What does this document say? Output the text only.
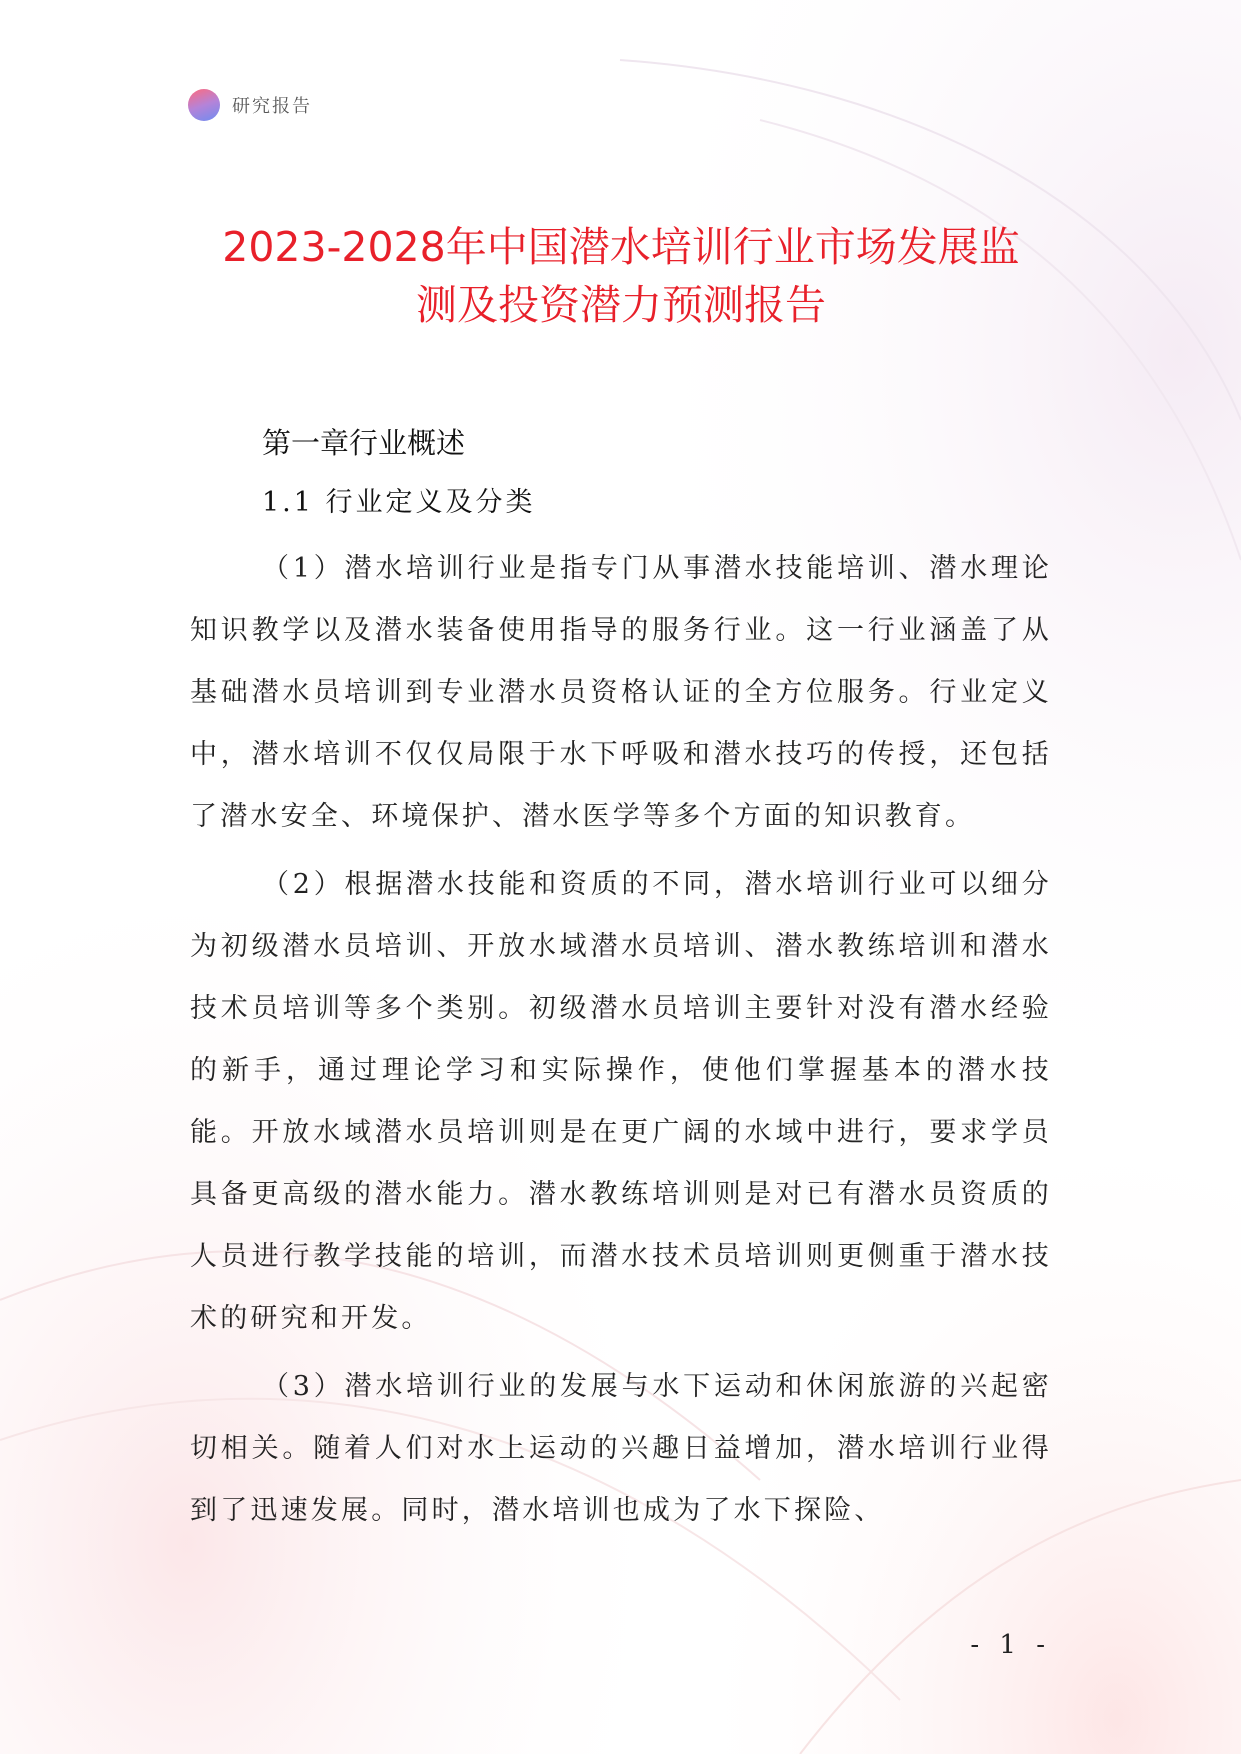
研究报告
2023-2028年中国潜水培训行业市场发展监
测及投资潜力预测报告
第一章行业概述
1.1 行业定义及分类

（1）潜水培训行业是指专门从事潜水技能培训、潜水理论知识教学以及潜水装备使用指导的服务行业。这一行业涵盖了从基础潜水员培训到专业潜水员资格认证的全方位服务。行业定义中，潜水培训不仅仅局限于水下呼吸和潜水技巧的传授，还包括了潜水安全、环境保护、潜水医学等多个方面的知识教育。

（2）根据潜水技能和资质的不同，潜水培训行业可以细分为初级潜水员培训、开放水域潜水员培训、潜水教练培训和潜水技术员培训等多个类别。初级潜水员培训主要针对没有潜水经验的新手，通过理论学习和实际操作，使他们掌握基本的潜水技能。开放水域潜水员培训则是在更广阔的水域中进行，要求学员具备更高级的潜水能力。潜水教练培训则是对已有潜水员资质的人员进行教学技能的培训，而潜水技术员培训则更侧重于潜水技术的研究和开发。

（3）潜水培训行业的发展与水下运动和休闲旅游的兴起密切相关。随着人们对水上运动的兴趣日益增加，潜水培训行业得到了迅速发展。同时，潜水培训也成为了水下探险、

- 1 -
